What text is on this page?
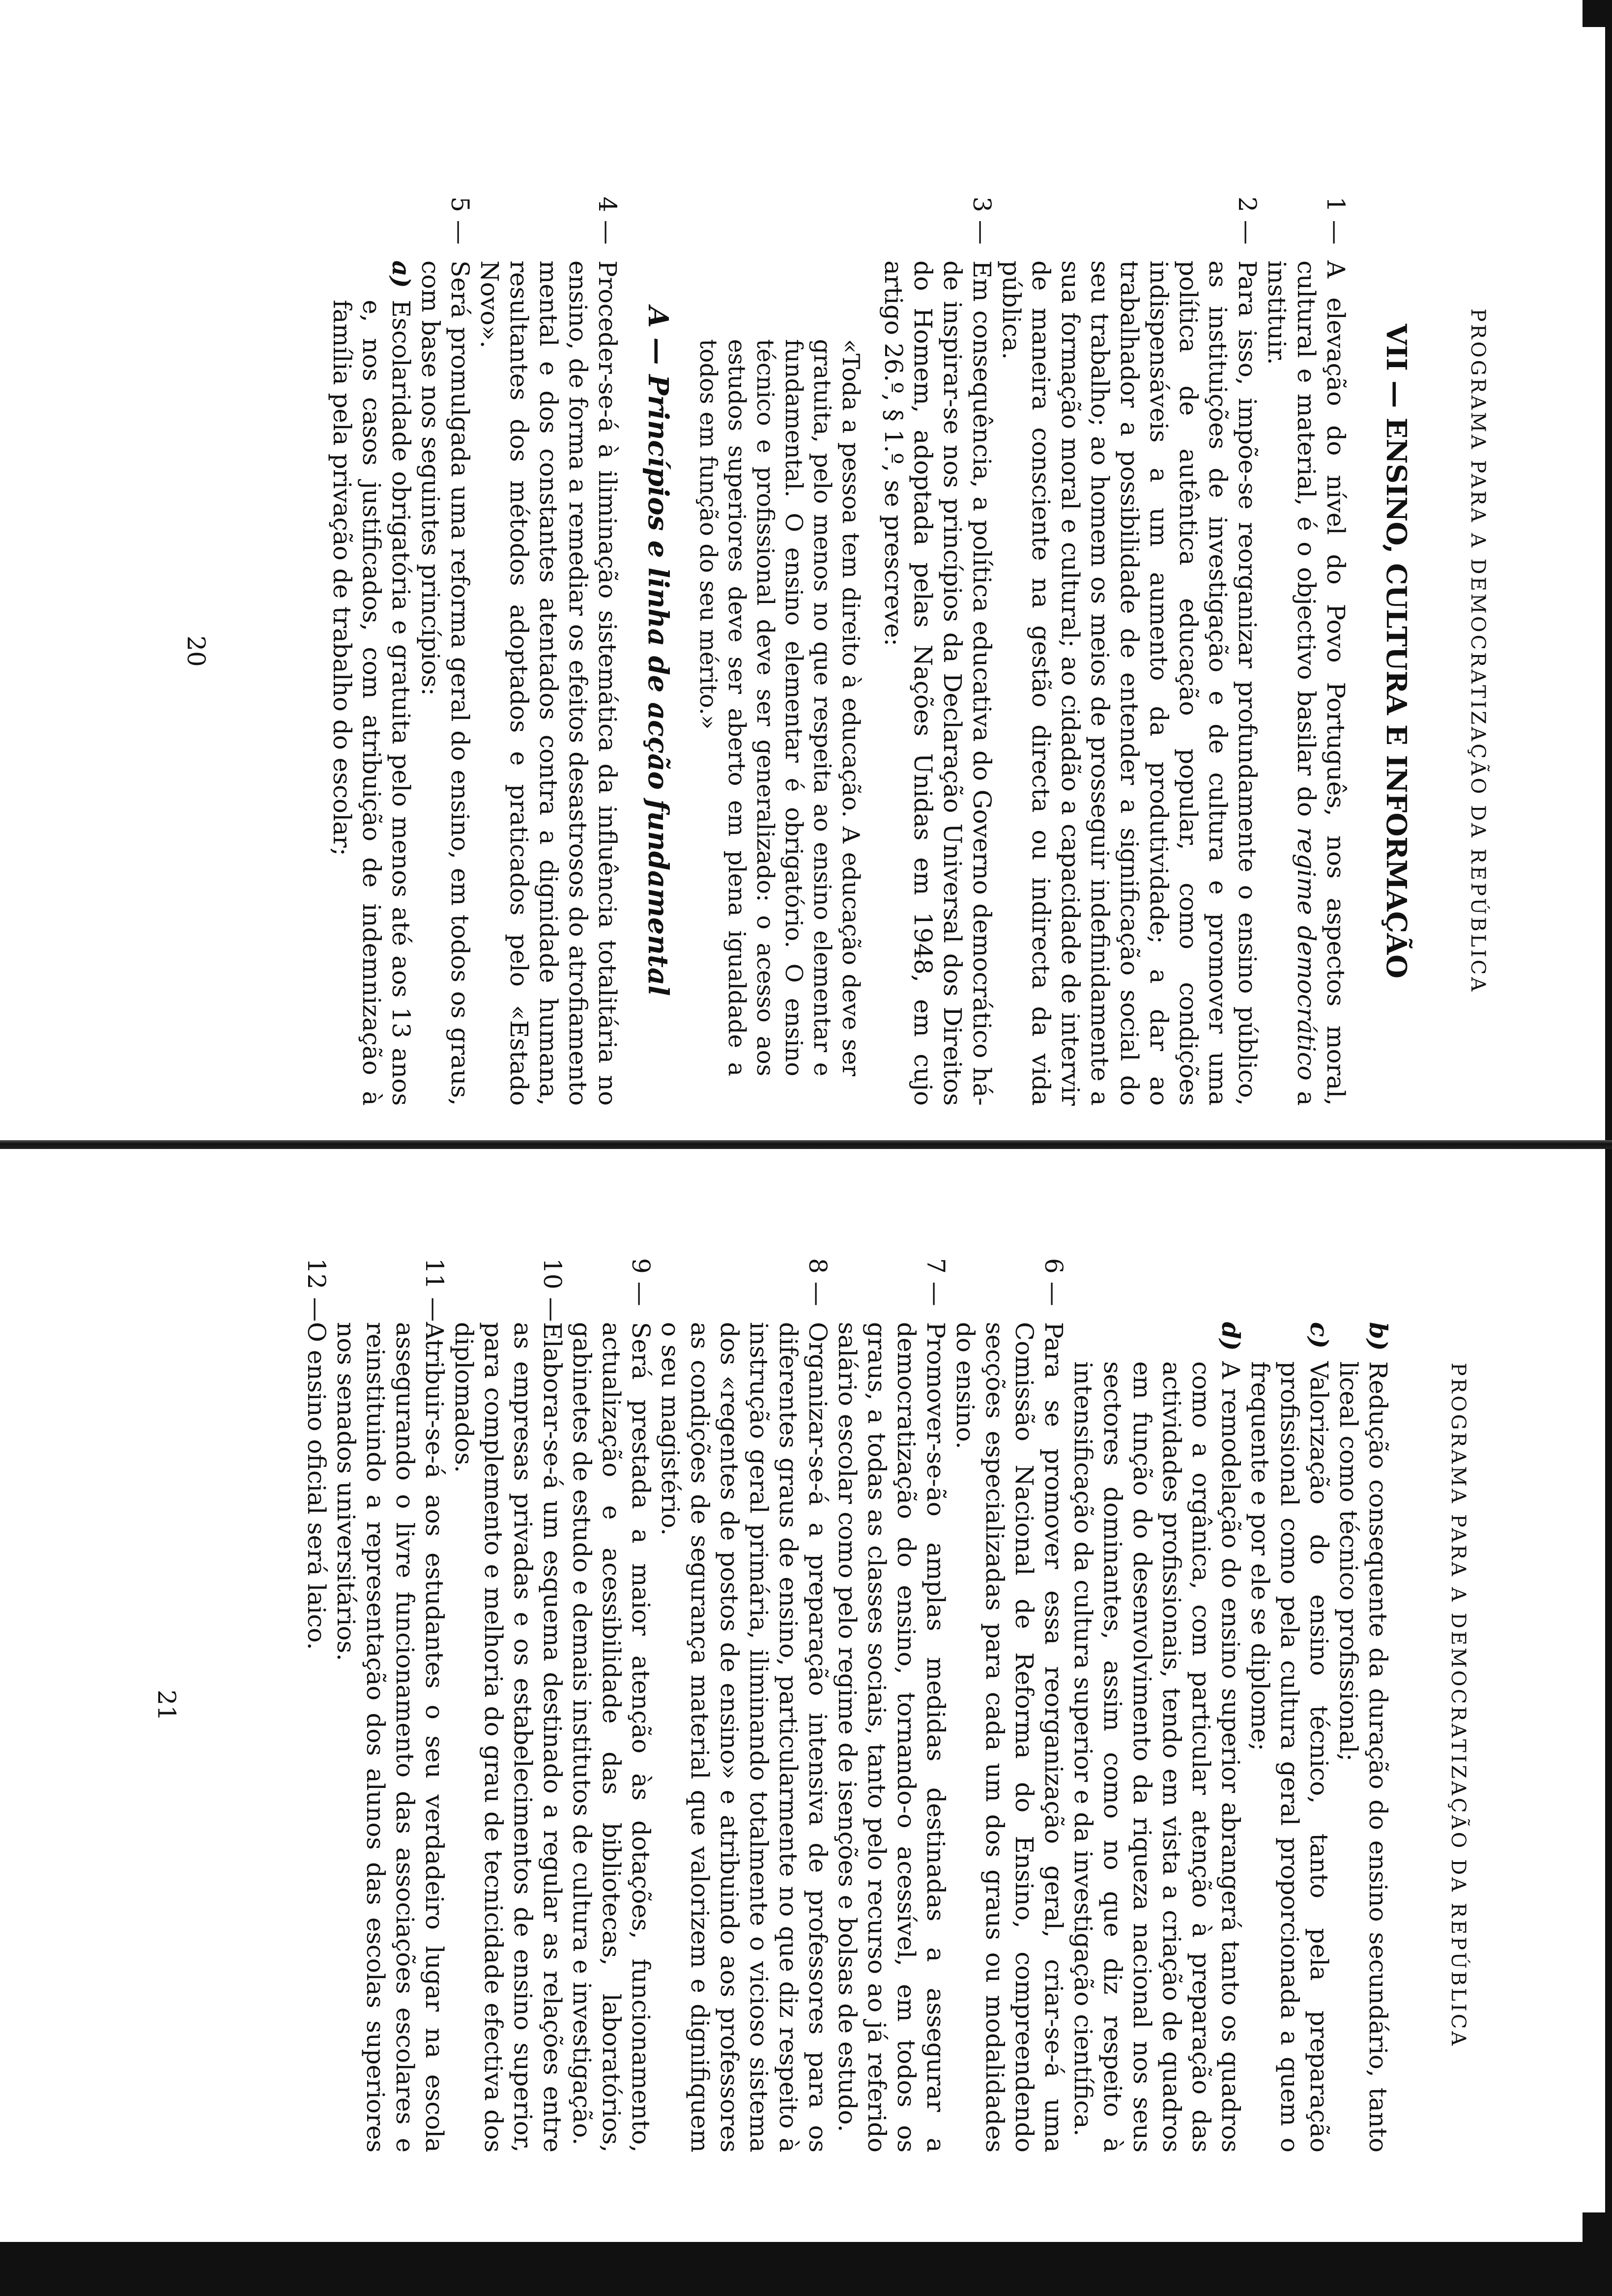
PROGRAMA PARA A DEMOCRATIZAÇÃO DA REPÚBLICA
VII — ENSINO, CULTURA E INFORMAÇÃO
1 —
A elevação do nível do Povo Português, nos aspectos moral, cultural e material, é o objectivo basilar do regime democrático a instituir.
2 —
Para isso, impõe-se reorganizar profundamente o ensino público, as instituições de investigação e de cultura e promover uma política de autêntica educação popular, como condições indispensáveis a um aumento da produtividade; a dar ao trabalhador a possibilidade de entender a significação social do seu trabalho; ao homem os meios de prosseguir indefinidamente a sua formação moral e cultural; ao cidadão a capacidade de intervir de maneira consciente na gestão directa ou indirecta da vida pública.
3 —
Em consequência, a política educativa do Governo democrático há-de inspirar-se nos princípios da Declaração Universal dos Direitos do Homem, adoptada pelas Nações Unidas em 1948, em cujo artigo 26.º, § 1.º, se prescreve:
«Toda a pessoa tem direito à educação. A educação deve ser gratuita, pelo menos no que respeita ao ensino elementar e fundamental. O ensino elementar é obrigatório. O ensino técnico e profissional deve ser generalizado: o acesso aos estudos superiores deve ser aberto em plena igualdade a todos em função do seu mérito.»
A — Princípios e linha de acção fundamental
4 —
Proceder-se-á à iliminação sistemática da influência totalitária no ensino, de forma a remediar os efeitos desastrosos do atrofiamento mental e dos constantes atentados contra a dignidade humana, resultantes dos métodos adoptados e praticados pelo «Estado Novo».
5 —
Será promulgada uma reforma geral do ensino, em todos os graus, com base nos seguintes princípios:
a)
Escolaridade obrigatória e gratuita pelo menos até aos 13 anos e, nos casos justificados, com atribuição de indemnização à família pela privação de trabalho do escolar;
20
PROGRAMA PARA A DEMOCRATIZAÇÃO DA REPÚBLICA
b)
Redução consequente da duração do ensino secundário, tanto liceal como técnico profissional;
c)
Valorização do ensino técnico, tanto pela preparação profissional como pela cultura geral proporcionada a quem o frequente e por ele se diplome;
d)
A remodelação do ensino superior abrangerá tanto os quadros como a orgânica, com particular atenção à preparação das actividades profissionais, tendo em vista a criação de quadros em função do desenvolvimento da riqueza nacional nos seus sectores dominantes, assim como no que diz respeito à intensificação da cultura superior e da investigação científica.
6 —
Para se promover essa reorganização geral, criar-se-á uma Comissão Nacional de Reforma do Ensino, compreendendo secções especializadas para cada um dos graus ou modalidades do ensino.
7 —
Promover-se-ão amplas medidas destinadas a assegurar a democratização do ensino, tornando-o acessível, em todos os graus, a todas as classes sociais, tanto pelo recurso ao já referido salário escolar como pelo regime de isenções e bolsas de estudo.
8 —
Organizar-se-á a preparação intensiva de professores para os diferentes graus de ensino, particularmente no que diz respeito à instrução geral primária, iliminando totalmente o vicioso sistema dos «regentes de postos de ensino» e atribuindo aos professores as condições de segurança material que valorizem e dignifiquem o seu magistério.
9 —
Será prestada a maior atenção às dotações, funcionamento, actualização e acessibilidade das bibliotecas, laboratórios, gabinetes de estudo e demais institutos de cultura e investigação.
10 —
Elaborar-se-á um esquema destinado a regular as relações entre as empresas privadas e os estabelecimentos de ensino superior, para complemento e melhoria do grau de tecnicidade efectiva dos diplomados.
11 —
Atribuir-se-á aos estudantes o seu verdadeiro lugar na escola assegurando o livre funcionamento das associações escolares e reinstituindo a representação dos alunos das escolas superiores nos senados universitários.
12 —
O ensino oficial será laico.
21
